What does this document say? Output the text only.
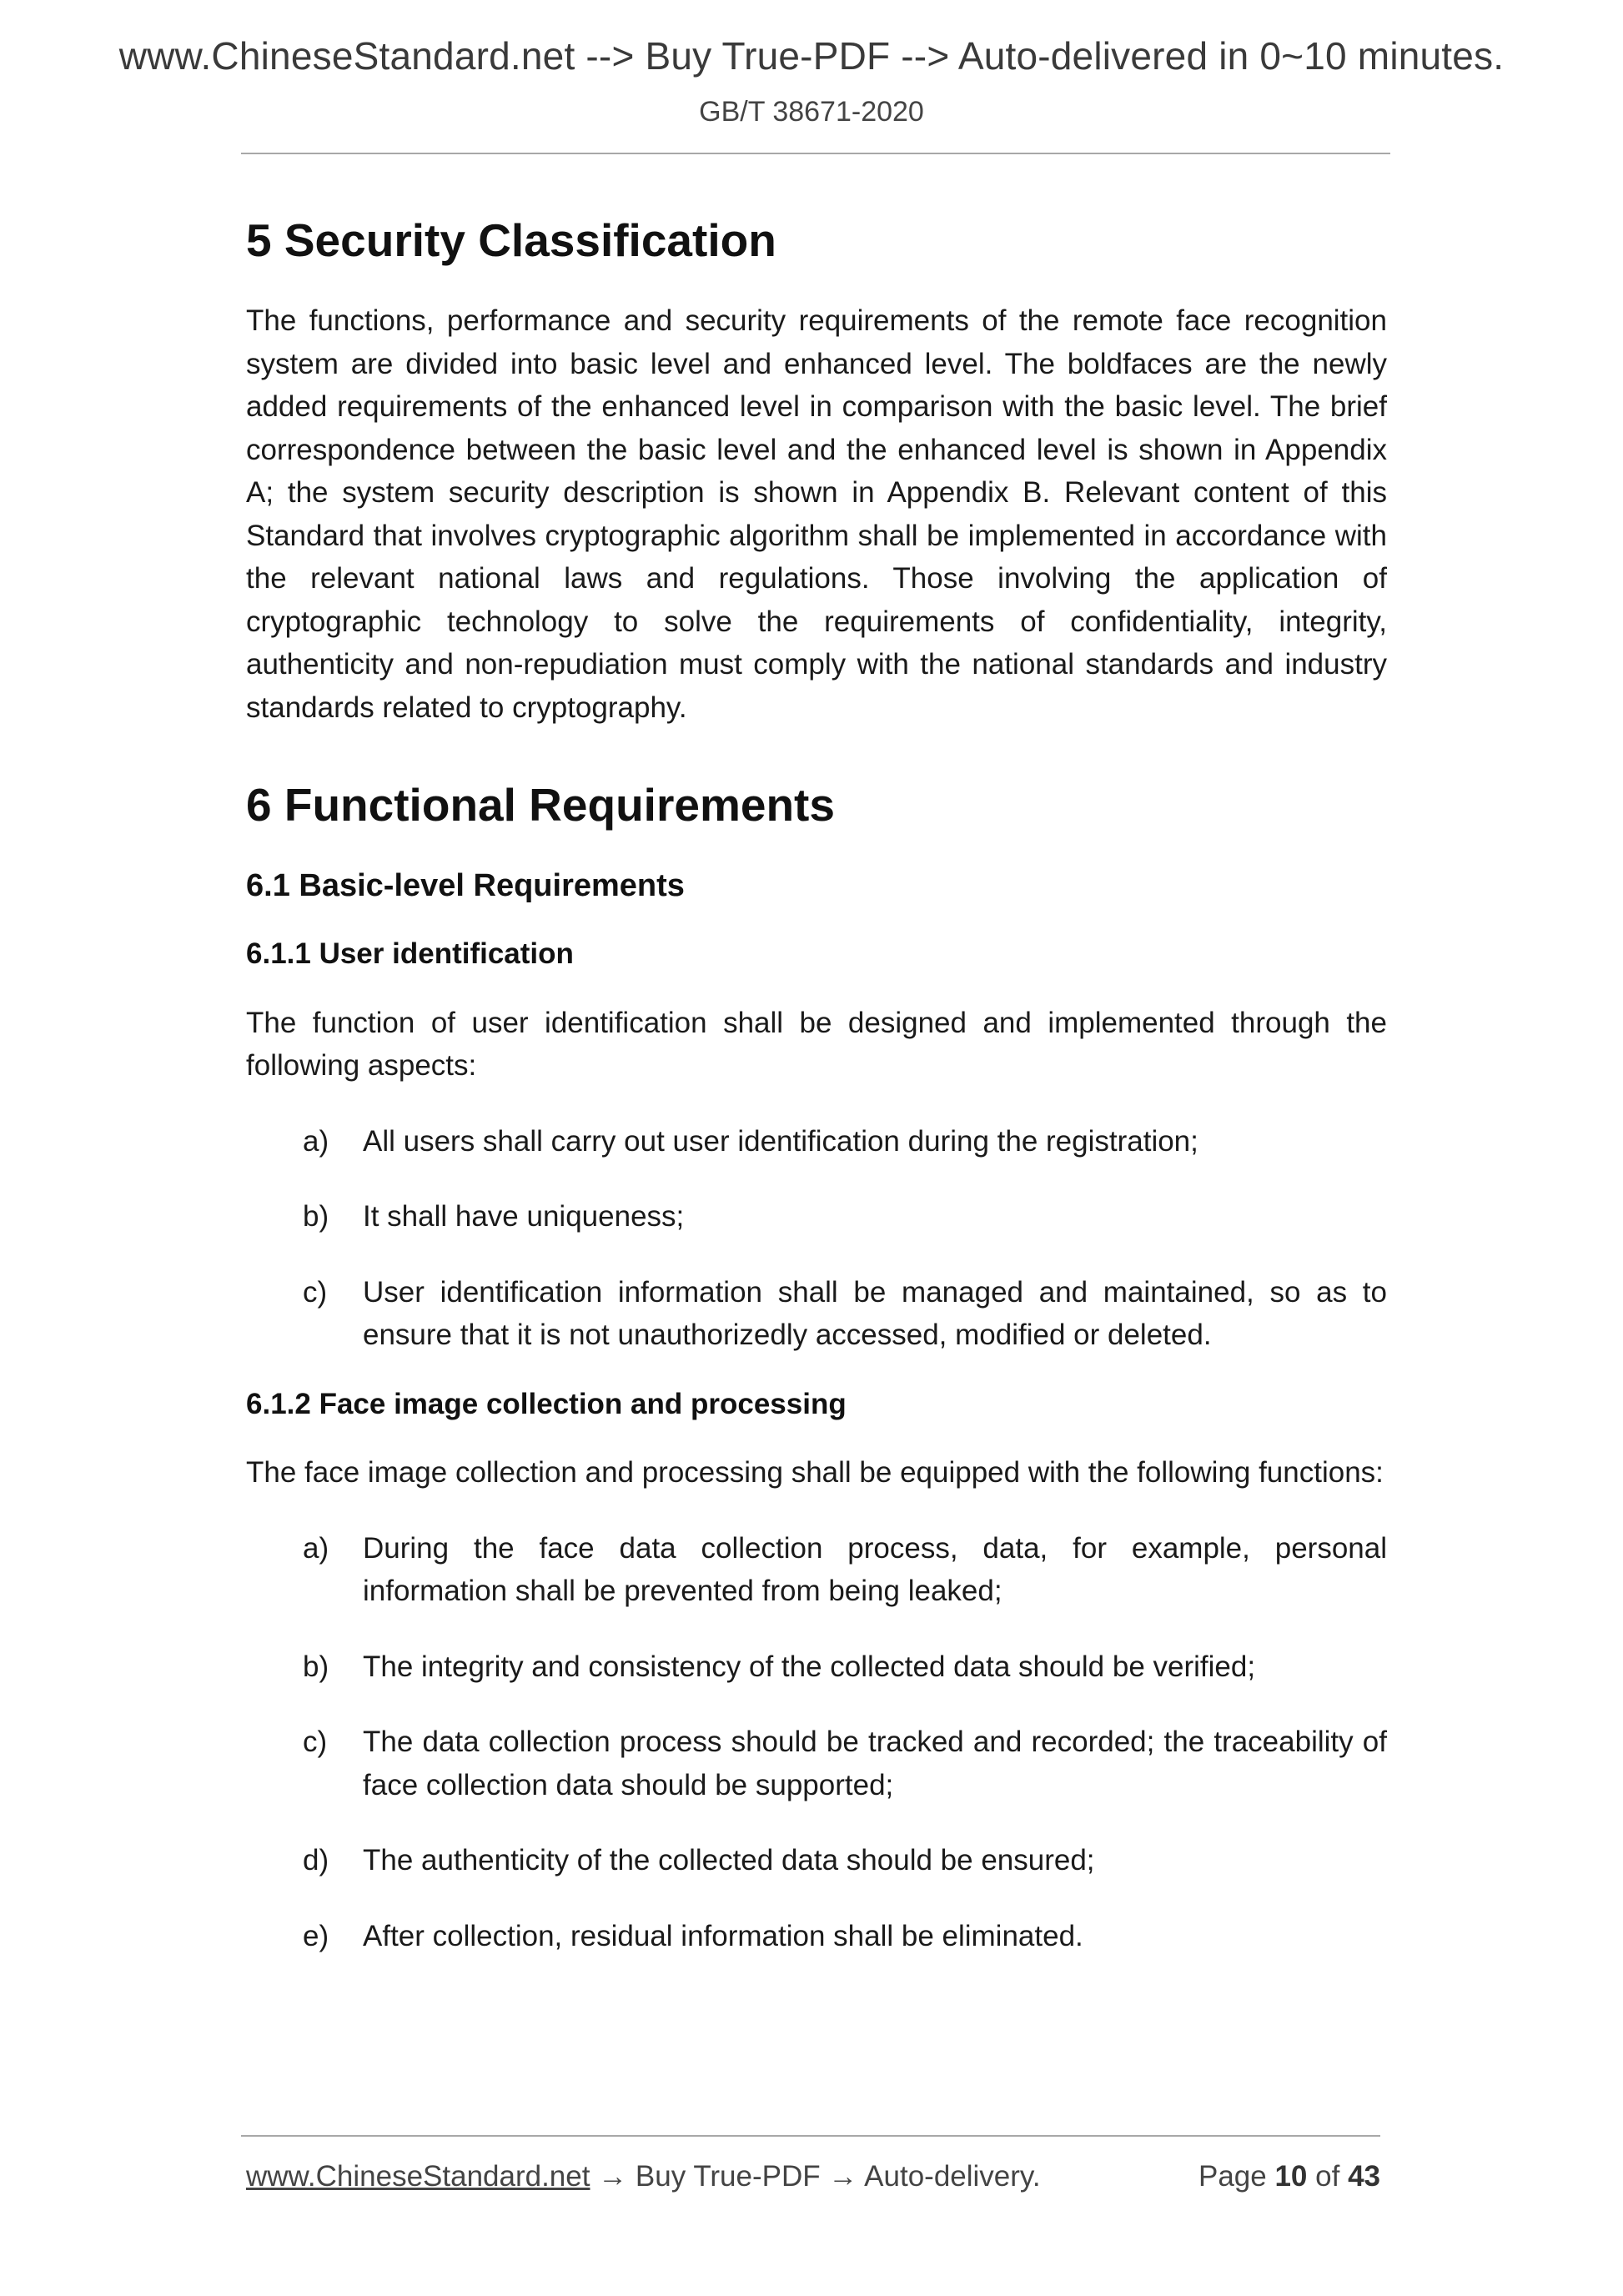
www.ChineseStandard.net --> Buy True-PDF --> Auto-delivered in 0~10 minutes.
GB/T 38671-2020
5 Security Classification

The functions, performance and security requirements of the remote face recognition system are divided into basic level and enhanced level. The boldfaces are the newly added requirements of the enhanced level in comparison with the basic level. The brief correspondence between the basic level and the enhanced level is shown in Appendix A; the system security description is shown in Appendix B. Relevant content of this Standard that involves cryptographic algorithm shall be implemented in accordance with the relevant national laws and regulations. Those involving the application of cryptographic technology to solve the requirements of confidentiality, integrity, authenticity and non-repudiation must comply with the national standards and industry standards related to cryptography.

6 Functional Requirements
6.1 Basic-level Requirements
6.1.1 User identification

The function of user identification shall be designed and implemented through the following aspects:

a)	All users shall carry out user identification during the registration;
b)	It shall have uniqueness;
c)	User identification information shall be managed and maintained, so as to ensure that it is not unauthorizedly accessed, modified or deleted.
6.1.2 Face image collection and processing

The face image collection and processing shall be equipped with the following functions:

a)	During the face data collection process, data, for example, personal information shall be prevented from being leaked;
b)	The integrity and consistency of the collected data should be verified;
c)	The data collection process should be tracked and recorded; the traceability of face collection data should be supported;
d)	The authenticity of the collected data should be ensured;
e)	After collection, residual information shall be eliminated.
www.ChineseStandard.net → Buy True-PDF → Auto-delivery.	Page 10 of 43
